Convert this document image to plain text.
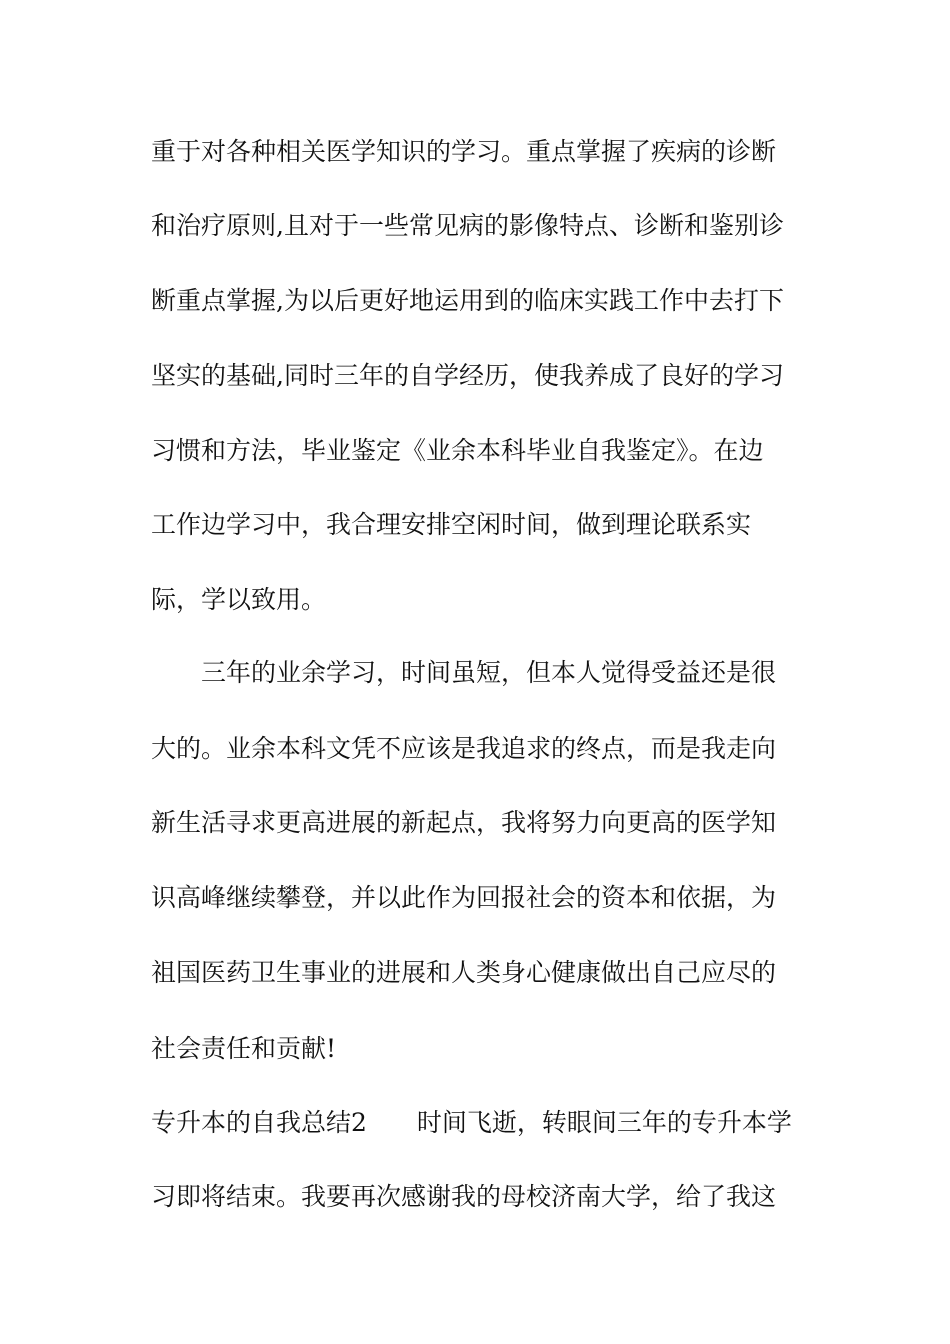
重于对各种相关医学知识的学习。重点掌握了疾病的诊断

和治疗原则,且对于一些常见病的影像特点、诊断和鉴别诊

断重点掌握,为以后更好地运用到的临床实践工作中去打下

坚实的基础,同时三年的自学经历，使我养成了良好的学习

习惯和方法，毕业鉴定《业余本科毕业自我鉴定》。在边

工作边学习中，我合理安排空闲时间，做到理论联系实

际，学以致用。

　　三年的业余学习，时间虽短，但本人觉得受益还是很

大的。业余本科文凭不应该是我追求的终点，而是我走向

新生活寻求更高进展的新起点，我将努力向更高的医学知

识高峰继续攀登，并以此作为回报社会的资本和依据，为

祖国医药卫生事业的进展和人类身心健康做出自己应尽的

社会责任和贡献!

专升本的自我总结2　　时间飞逝，转眼间三年的专升本学

习即将结束。我要再次感谢我的母校济南大学，给了我这
